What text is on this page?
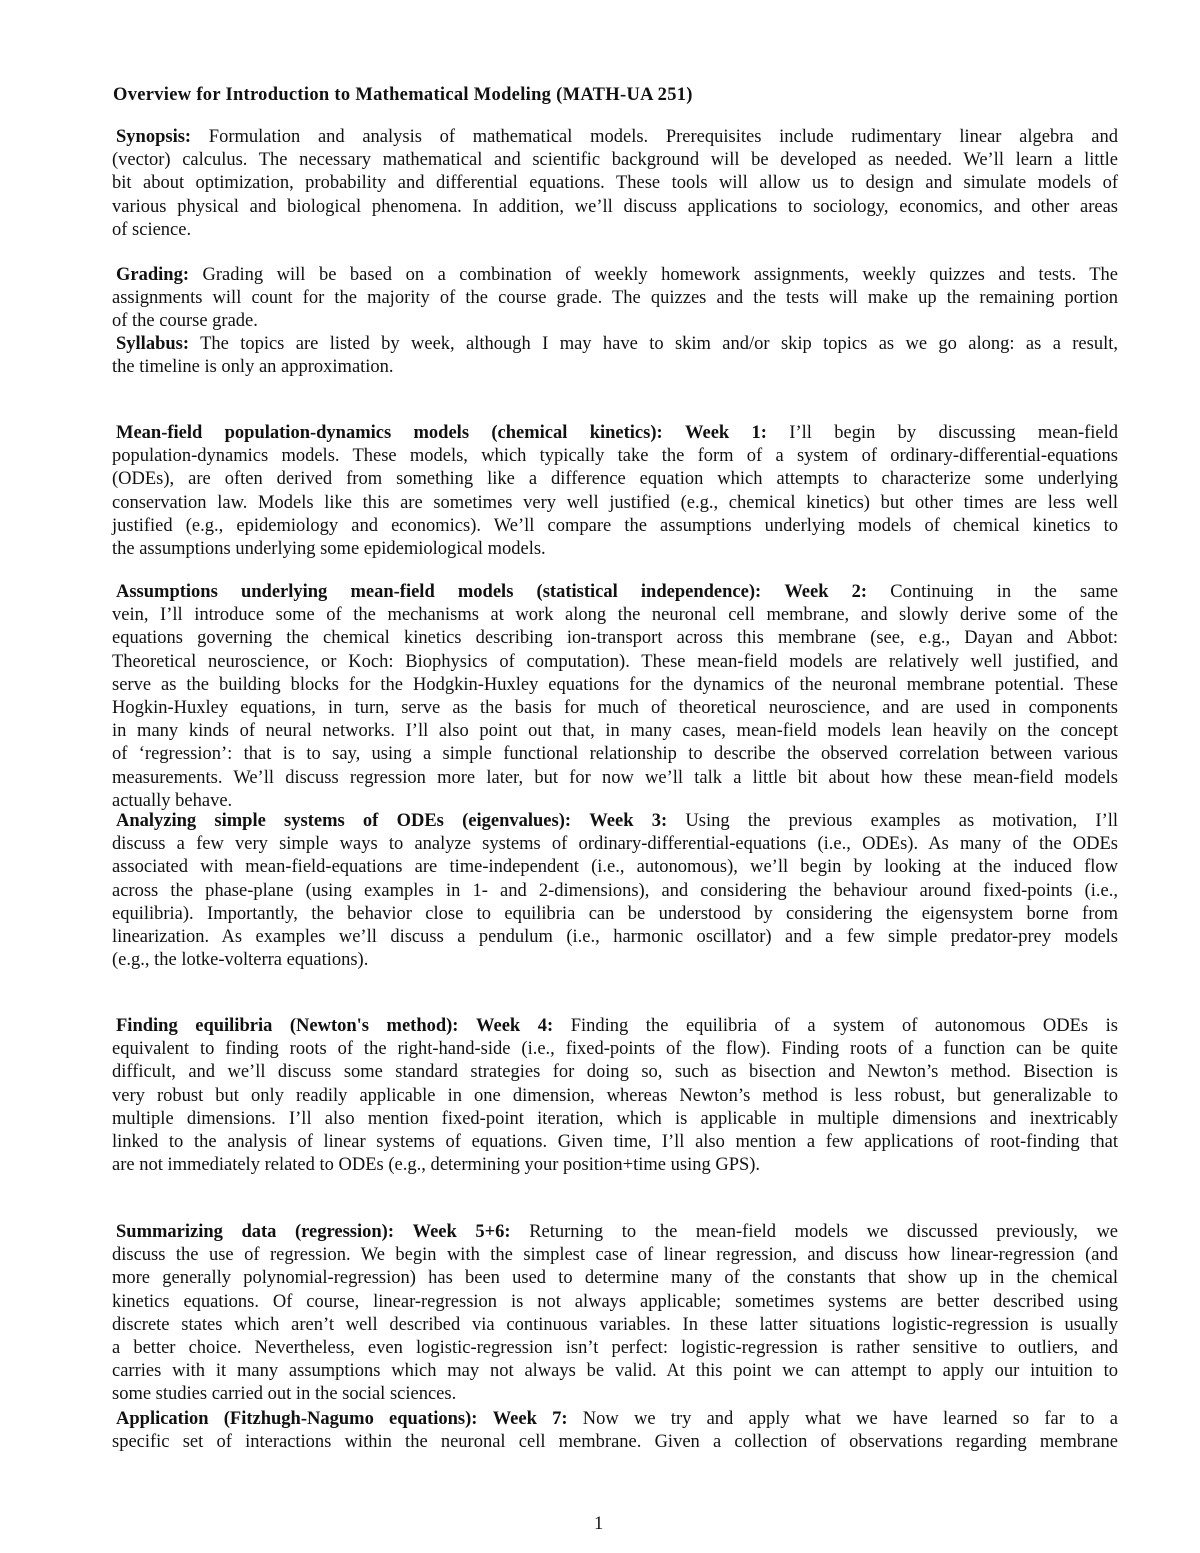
Overview for Introduction to Mathematical Modeling (MATH-UA 251)
Synopsis: Formulation and analysis of mathematical models. Prerequisites include rudimentary linear algebra and
(vector) calculus. The necessary mathematical and scientific background will be developed as needed. We’ll learn a little
bit about optimization, probability and differential equations. These tools will allow us to design and simulate models of
various physical and biological phenomena. In addition, we’ll discuss applications to sociology, economics, and other areas
of science.
Grading: Grading will be based on a combination of weekly homework assignments, weekly quizzes and tests. The
assignments will count for the majority of the course grade. The quizzes and the tests will make up the remaining portion
of the course grade.
Syllabus: The topics are listed by week, although I may have to skim and/or skip topics as we go along: as a result,
the timeline is only an approximation.
Mean-field population-dynamics models (chemical kinetics): Week 1: I’ll begin by discussing mean-field
population-dynamics models. These models, which typically take the form of a system of ordinary-differential-equations
(ODEs), are often derived from something like a difference equation which attempts to characterize some underlying
conservation law. Models like this are sometimes very well justified (e.g., chemical kinetics) but other times are less well
justified (e.g., epidemiology and economics). We’ll compare the assumptions underlying models of chemical kinetics to
the assumptions underlying some epidemiological models.
Assumptions underlying mean-field models (statistical independence): Week 2: Continuing in the same
vein, I’ll introduce some of the mechanisms at work along the neuronal cell membrane, and slowly derive some of the
equations governing the chemical kinetics describing ion-transport across this membrane (see, e.g., Dayan and Abbot:
Theoretical neuroscience, or Koch: Biophysics of computation). These mean-field models are relatively well justified, and
serve as the building blocks for the Hodgkin-Huxley equations for the dynamics of the neuronal membrane potential. These
Hogkin-Huxley equations, in turn, serve as the basis for much of theoretical neuroscience, and are used in components
in many kinds of neural networks. I’ll also point out that, in many cases, mean-field models lean heavily on the concept
of ‘regression’: that is to say, using a simple functional relationship to describe the observed correlation between various
measurements. We’ll discuss regression more later, but for now we’ll talk a little bit about how these mean-field models
actually behave.
Analyzing simple systems of ODEs (eigenvalues): Week 3: Using the previous examples as motivation, I’ll
discuss a few very simple ways to analyze systems of ordinary-differential-equations (i.e., ODEs). As many of the ODEs
associated with mean-field-equations are time-independent (i.e., autonomous), we’ll begin by looking at the induced flow
across the phase-plane (using examples in 1- and 2-dimensions), and considering the behaviour around fixed-points (i.e.,
equilibria). Importantly, the behavior close to equilibria can be understood by considering the eigensystem borne from
linearization. As examples we’ll discuss a pendulum (i.e., harmonic oscillator) and a few simple predator-prey models
(e.g., the lotke-volterra equations).
Finding equilibria (Newton's method): Week 4: Finding the equilibria of a system of autonomous ODEs is
equivalent to finding roots of the right-hand-side (i.e., fixed-points of the flow). Finding roots of a function can be quite
difficult, and we’ll discuss some standard strategies for doing so, such as bisection and Newton’s method. Bisection is
very robust but only readily applicable in one dimension, whereas Newton’s method is less robust, but generalizable to
multiple dimensions. I’ll also mention fixed-point iteration, which is applicable in multiple dimensions and inextricably
linked to the analysis of linear systems of equations. Given time, I’ll also mention a few applications of root-finding that
are not immediately related to ODEs (e.g., determining your position+time using GPS).
Summarizing data (regression): Week 5+6: Returning to the mean-field models we discussed previously, we
discuss the use of regression. We begin with the simplest case of linear regression, and discuss how linear-regression (and
more generally polynomial-regression) has been used to determine many of the constants that show up in the chemical
kinetics equations. Of course, linear-regression is not always applicable; sometimes systems are better described using
discrete states which aren’t well described via continuous variables. In these latter situations logistic-regression is usually
a better choice. Nevertheless, even logistic-regression isn’t perfect: logistic-regression is rather sensitive to outliers, and
carries with it many assumptions which may not always be valid. At this point we can attempt to apply our intuition to
some studies carried out in the social sciences.
Application (Fitzhugh-Nagumo equations): Week 7: Now we try and apply what we have learned so far to a
specific set of interactions within the neuronal cell membrane. Given a collection of observations regarding membrane
1
